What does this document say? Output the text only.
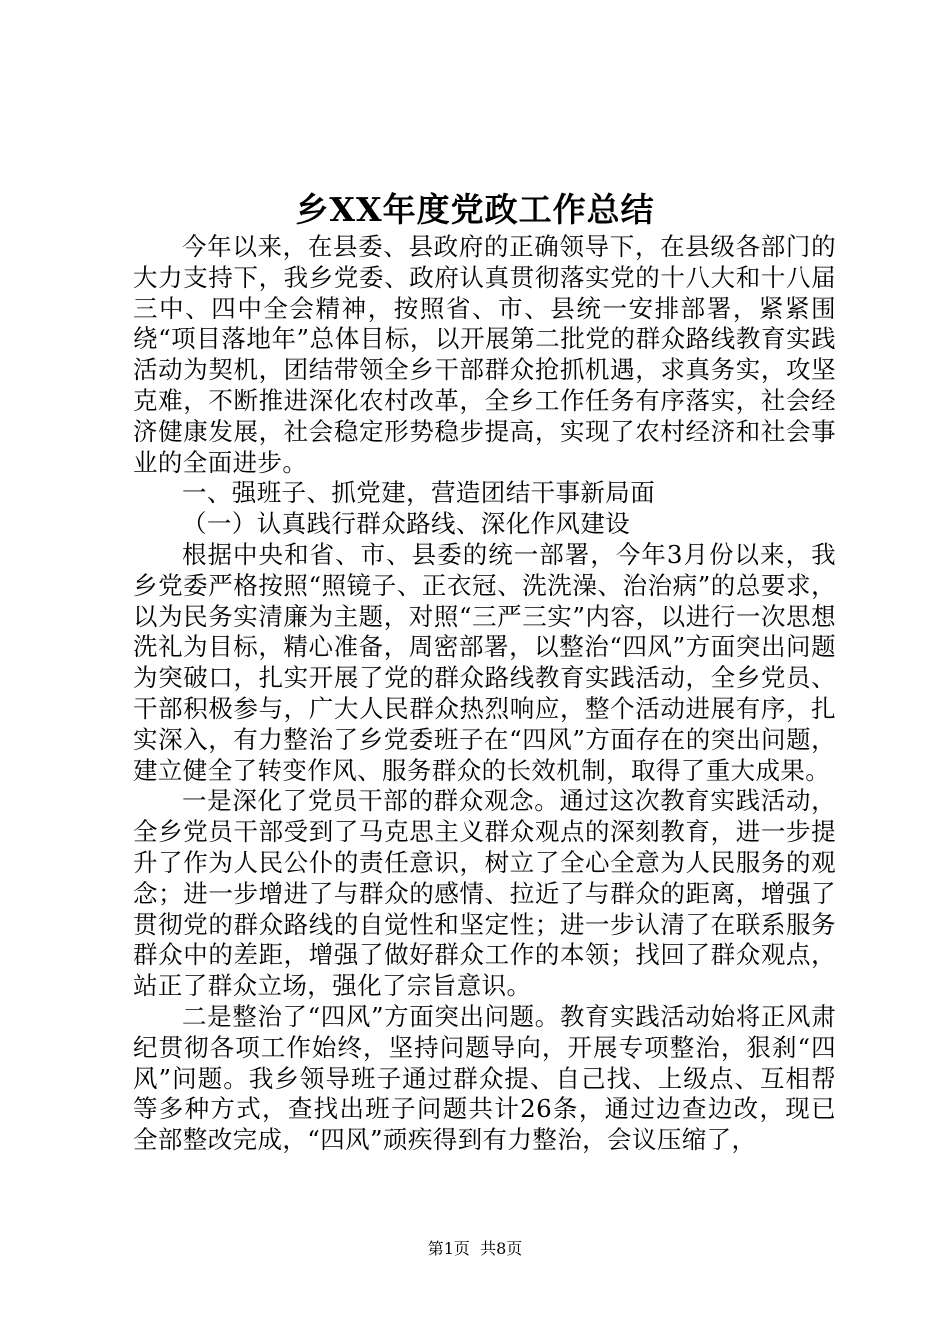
乡XX年度党政工作总结

今年以来，在县委、县政府的正确领导下，在县级各部门的大力支持下，我乡党委、政府认真贯彻落实党的十八大和十八届三中、四中全会精神，按照省、市、县统一安排部署，紧紧围绕“项目落地年”总体目标，以开展第二批党的群众路线教育实践活动为契机，团结带领全乡干部群众抢抓机遇，求真务实，攻坚克难，不断推进深化农村改革，全乡工作任务有序落实，社会经济健康发展，社会稳定形势稳步提高，实现了农村经济和社会事业的全面进步。

一、强班子、抓党建，营造团结干事新局面

（一）认真践行群众路线、深化作风建设

根据中央和省、市、县委的统一部署，今年3月份以来，我乡党委严格按照“照镜子、正衣冠、洗洗澡、治治病”的总要求，以为民务实清廉为主题，对照“三严三实”内容，以进行一次思想洗礼为目标，精心准备，周密部署，以整治“四风”方面突出问题为突破口，扎实开展了党的群众路线教育实践活动，全乡党员、干部积极参与，广大人民群众热烈响应，整个活动进展有序，扎实深入，有力整治了乡党委班子在“四风”方面存在的突出问题，建立健全了转变作风、服务群众的长效机制，取得了重大成果。

一是深化了党员干部的群众观念。通过这次教育实践活动，全乡党员干部受到了马克思主义群众观点的深刻教育，进一步提升了作为人民公仆的责任意识，树立了全心全意为人民服务的观念；进一步增进了与群众的感情、拉近了与群众的距离，增强了贯彻党的群众路线的自觉性和坚定性；进一步认清了在联系服务群众中的差距，增强了做好群众工作的本领；找回了群众观点，站正了群众立场，强化了宗旨意识。

二是整治了“四风”方面突出问题。教育实践活动始将正风肃纪贯彻各项工作始终，坚持问题导向，开展专项整治，狠刹“四风”问题。我乡领导班子通过群众提、自己找、上级点、互相帮等多种方式，查找出班子问题共计26条，通过边查边改，现已全部整改完成，“四风”顽疾得到有力整治，会议压缩了，

第1页 共8页
